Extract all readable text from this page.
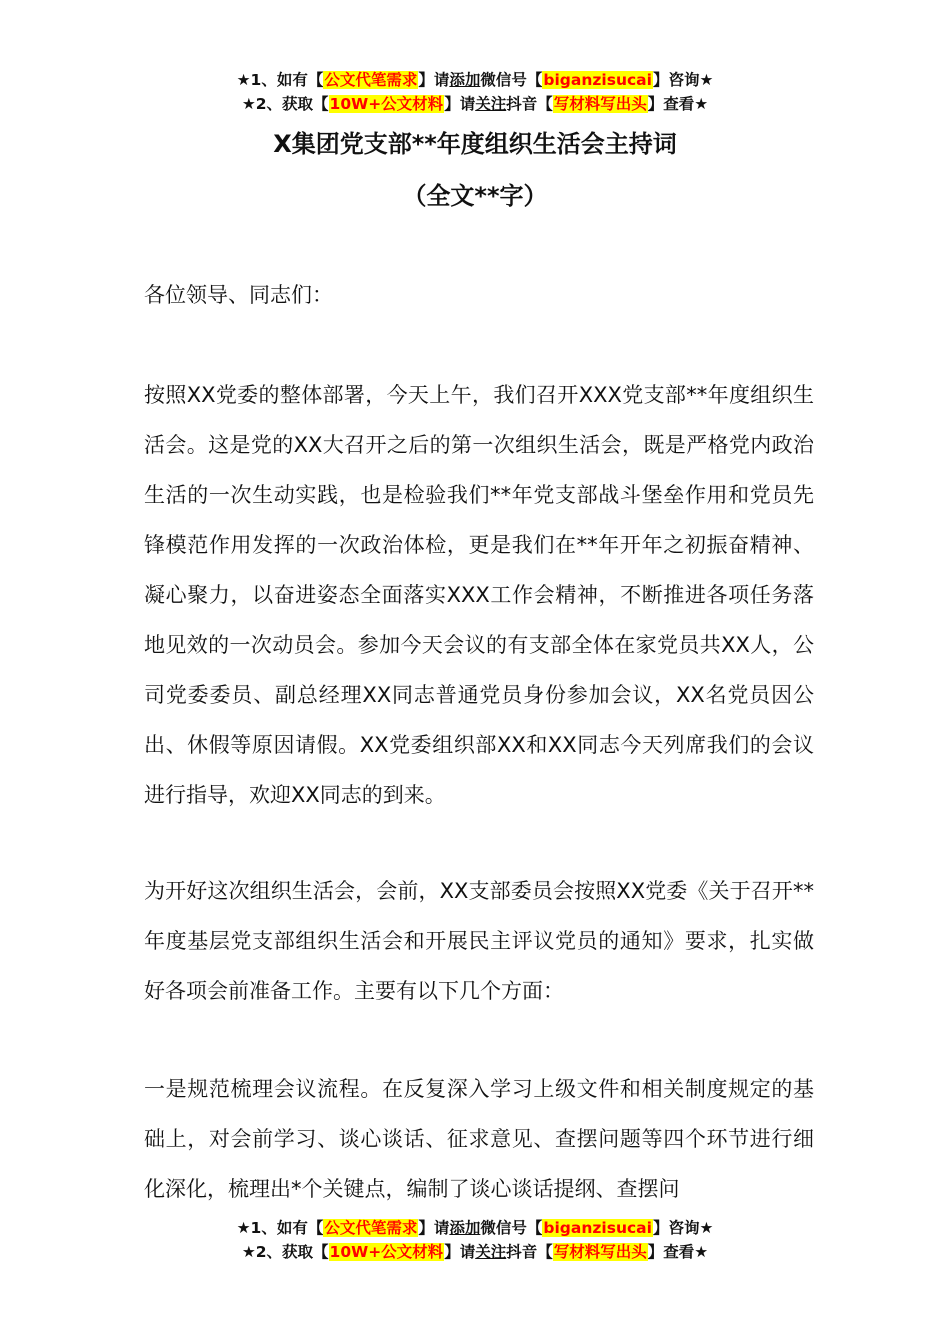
★1、如有【公文代笔需求】请添加微信号【biganzisucai】咨询★
★2、获取【10W+公文材料】请关注抖音【写材料写出头】查看★
X集团党支部**年度组织生活会主持词
（全文**字）

各位领导、同志们：

按照XX党委的整体部署，今天上午，我们召开XXX党支部**年度组织生活会。这是党的XX大召开之后的第一次组织生活会，既是严格党内政治生活的一次生动实践，也是检验我们**年党支部战斗堡垒作用和党员先锋模范作用发挥的一次政治体检，更是我们在**年开年之初振奋精神、凝心聚力，以奋进姿态全面落实XXX工作会精神，不断推进各项任务落地见效的一次动员会。参加今天会议的有支部全体在家党员共XX人，公司党委委员、副总经理XX同志普通党员身份参加会议，XX名党员因公出、休假等原因请假。XX党委组织部XX和XX同志今天列席我们的会议进行指导，欢迎XX同志的到来。

为开好这次组织生活会，会前，XX支部委员会按照XX党委《关于召开**年度基层党支部组织生活会和开展民主评议党员的通知》要求，扎实做好各项会前准备工作。主要有以下几个方面：

一是规范梳理会议流程。在反复深入学习上级文件和相关制度规定的基础上，对会前学习、谈心谈话、征求意见、查摆问题等四个环节进行细化深化，梳理出*个关键点，编制了谈心谈话提纲、查摆问

★1、如有【公文代笔需求】请添加微信号【biganzisucai】咨询★
★2、获取【10W+公文材料】请关注抖音【写材料写出头】查看★
